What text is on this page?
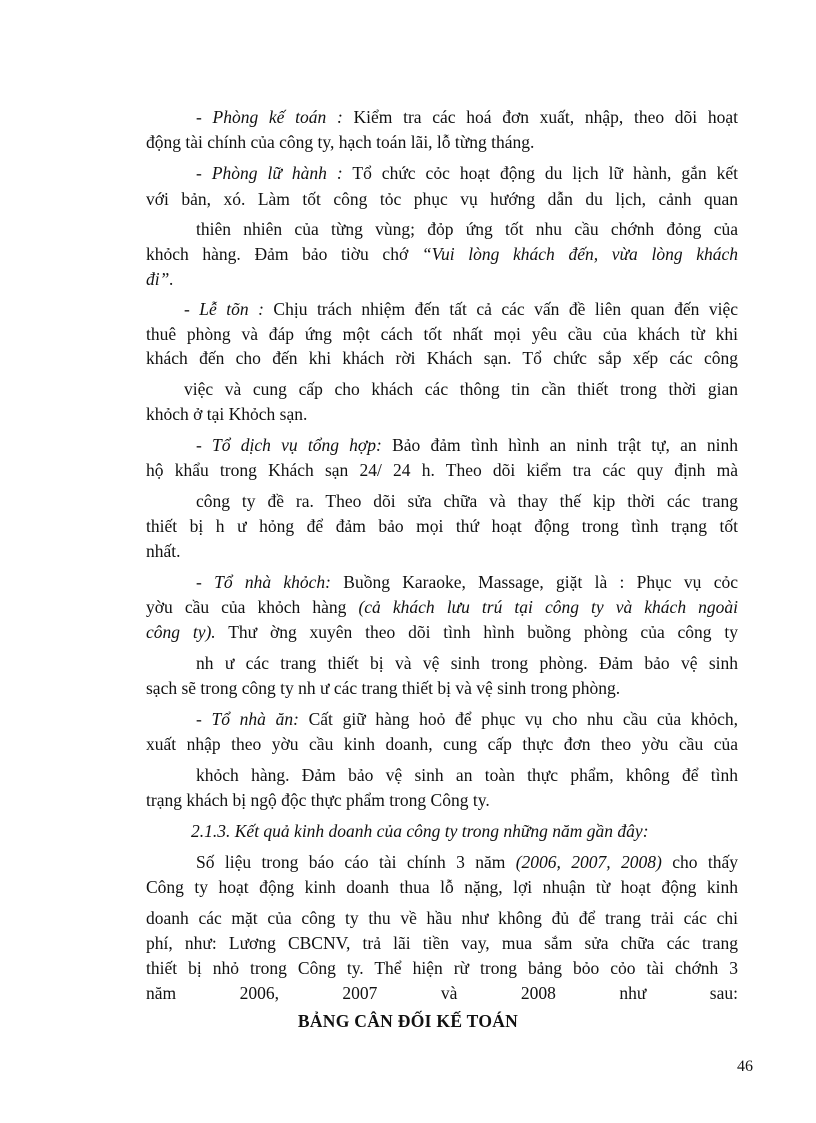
BẢNG CÂN ĐỐI KẾ TOÁN
46
- Phòng kế toán : Kiểm tra các hoá đơn xuất, nhập, theo dõi hoạt
động tài chính của công ty, hạch toán lãi, lỗ từng tháng.
- Phòng lữ hành : Tổ chức cỏc hoạt động du lịch lữ hành, gắn kết
với bản, xó. Làm tốt công tỏc phục vụ hướng dẫn du lịch, cảnh quan
thiên nhiên của từng vùng; đỏp ứng tốt nhu cầu chớnh đỏng của
khỏch hàng. Đảm bảo tiờu chớ “Vui lòng khách đến, vừa lòng khách
đi”.
- Lễ tõn : Chịu trách nhiệm đến tất cả các vấn đề liên quan đến việc
thuê phòng và đáp ứng một cách tốt nhất mọi yêu cầu của khách từ khi
khách đến cho đến khi khách rời Khách sạn. Tổ chức sắp xếp các công
việc và cung cấp cho khách các thông tin cần thiết trong thời gian
khỏch ở tại Khỏch sạn.
- Tổ dịch vụ tổng hợp: Bảo đảm tình hình an ninh trật tự, an ninh
hộ khẩu trong Khách sạn 24/ 24 h. Theo dõi kiểm tra các quy định mà
công ty đề ra. Theo dõi sửa chữa và thay thế kịp thời các trang
thiết bị h ư hỏng để đảm bảo mọi thứ hoạt động trong tình trạng tốt
nhất.
- Tổ nhà khỏch: Buồng Karaoke, Massage, giặt là : Phục vụ cỏc
yờu cầu của khỏch hàng (cả khách lưu trú tại công ty và khách ngoài
công ty). Thư ờng xuyên theo dõi tình hình buồng phòng của công ty
nh ư các trang thiết bị và vệ sinh trong phòng. Đảm bảo vệ sinh
sạch sẽ trong công ty nh ư các trang thiết bị và vệ sinh trong phòng.
- Tổ nhà ăn: Cất giữ hàng hoỏ để phục vụ cho nhu cầu của khỏch,
xuất nhập theo yờu cầu kinh doanh, cung cấp thực đơn theo yờu cầu của
khỏch hàng. Đảm bảo vệ sinh an toàn thực phẩm, không để tình
trạng khách bị ngộ độc thực phẩm trong Công ty.
2.1.3. Kết quả kinh doanh của công ty trong những năm gần đây:
Số liệu trong báo cáo tài chính 3 năm (2006, 2007, 2008) cho thấy
Công ty hoạt động kinh doanh thua lỗ nặng, lợi nhuận từ hoạt động kinh
doanh các mặt của công ty thu về hầu như không đủ để trang trải các chi
phí, như: Lương CBCNV, trả lãi tiền vay, mua sắm sửa chữa các trang
thiết bị nhỏ trong Công ty. Thể hiện rừ trong bảng bỏo cỏo tài chớnh 3
năm 2006, 2007 và 2008 như sau:
